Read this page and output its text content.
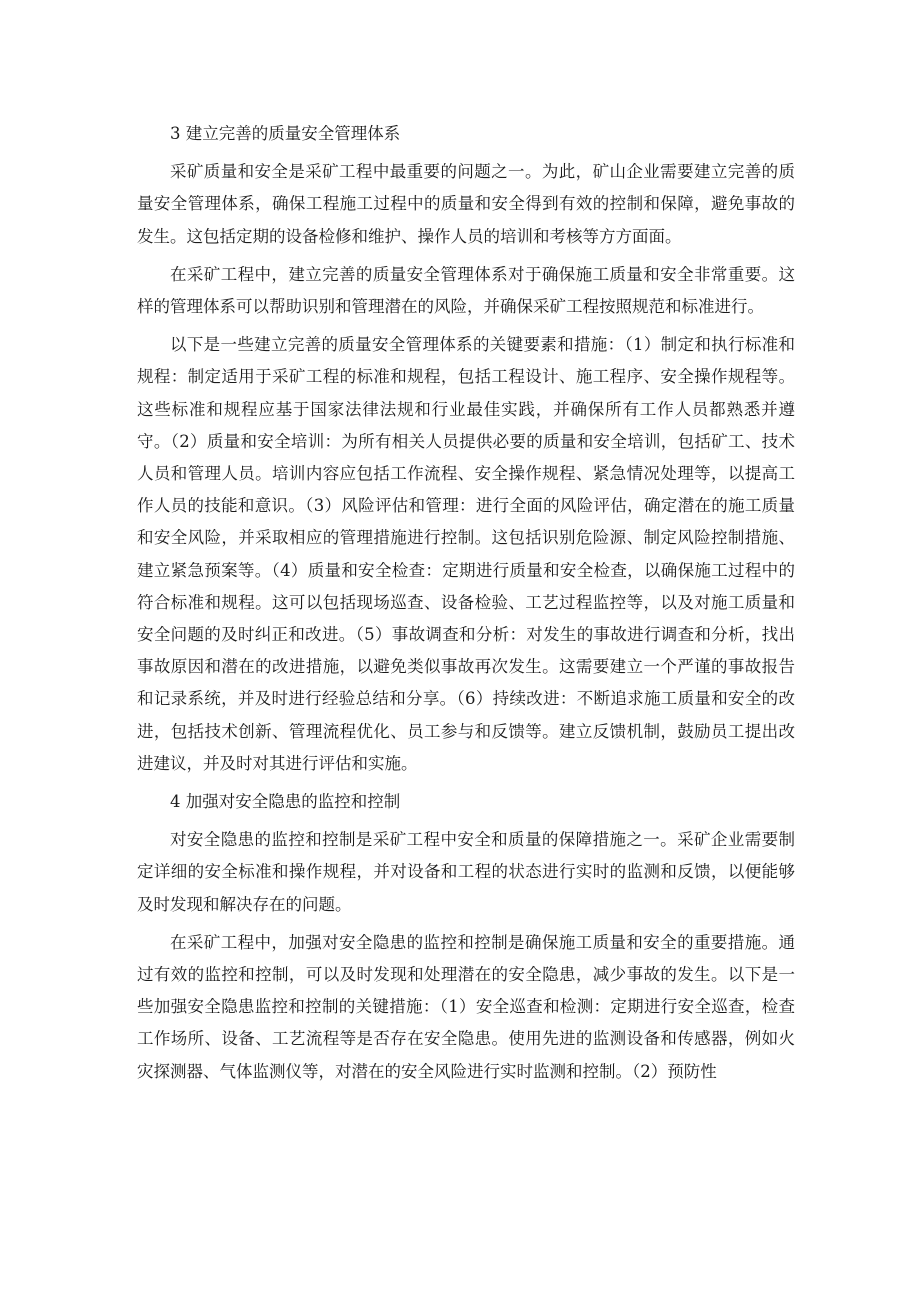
3 建立完善的质量安全管理体系

采矿质量和安全是采矿工程中最重要的问题之一。为此，矿山企业需要建立完善的质量安全管理体系，确保工程施工过程中的质量和安全得到有效的控制和保障，避免事故的发生。这包括定期的设备检修和维护、操作人员的培训和考核等方方面面。

在采矿工程中，建立完善的质量安全管理体系对于确保施工质量和安全非常重要。这样的管理体系可以帮助识别和管理潜在的风险，并确保采矿工程按照规范和标准进行。

以下是一些建立完善的质量安全管理体系的关键要素和措施：（1）制定和执行标准和规程：制定适用于采矿工程的标准和规程，包括工程设计、施工程序、安全操作规程等。这些标准和规程应基于国家法律法规和行业最佳实践，并确保所有工作人员都熟悉并遵守。（2）质量和安全培训：为所有相关人员提供必要的质量和安全培训，包括矿工、技术人员和管理人员。培训内容应包括工作流程、安全操作规程、紧急情况处理等，以提高工作人员的技能和意识。（3）风险评估和管理：进行全面的风险评估，确定潜在的施工质量和安全风险，并采取相应的管理措施进行控制。这包括识别危险源、制定风险控制措施、建立紧急预案等。（4）质量和安全检查：定期进行质量和安全检查，以确保施工过程中的符合标准和规程。这可以包括现场巡查、设备检验、工艺过程监控等，以及对施工质量和安全问题的及时纠正和改进。（5）事故调查和分析：对发生的事故进行调查和分析，找出事故原因和潜在的改进措施，以避免类似事故再次发生。这需要建立一个严谨的事故报告和记录系统，并及时进行经验总结和分享。（6）持续改进：不断追求施工质量和安全的改进，包括技术创新、管理流程优化、员工参与和反馈等。建立反馈机制，鼓励员工提出改进建议，并及时对其进行评估和实施。

4 加强对安全隐患的监控和控制

对安全隐患的监控和控制是采矿工程中安全和质量的保障措施之一。采矿企业需要制定详细的安全标准和操作规程，并对设备和工程的状态进行实时的监测和反馈，以便能够及时发现和解决存在的问题。

在采矿工程中，加强对安全隐患的监控和控制是确保施工质量和安全的重要措施。通过有效的监控和控制，可以及时发现和处理潜在的安全隐患，减少事故的发生。以下是一些加强安全隐患监控和控制的关键措施：（1）安全巡查和检测：定期进行安全巡查，检查工作场所、设备、工艺流程等是否存在安全隐患。使用先进的监测设备和传感器，例如火灾探测器、气体监测仪等，对潜在的安全风险进行实时监测和控制。（2）预防性
